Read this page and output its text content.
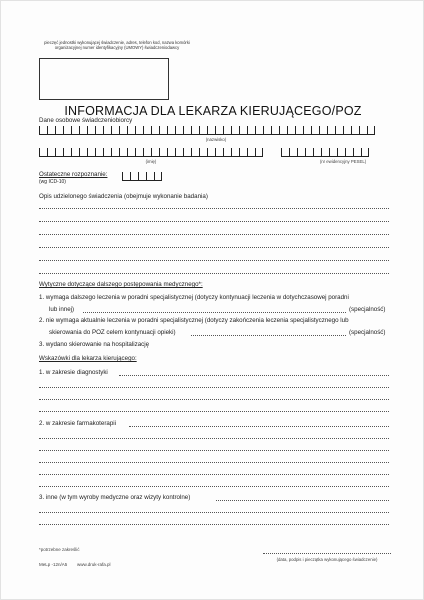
pieczęć jednostki wykonującej świadczenie, adres, telefon kod, nazwa komórki organizacyjnej numer identyfikacyjny (UMOWY) świadczeniodawcy
INFORMACJA DLA LEKARZA KIERUJĄCEGO/POZ
Dane osobowe świadczeniobiorcy
(nazwisko)
(imię)	(nr ewidencyjny PESEL)
Ostateczne rozpoznanie:
(wg ICD-10)
Opis udzielonego świadczenia (obejmuje wykonanie badania)
Wytyczne dotyczące dalszego postępowania medycznego*:
1. wymaga dalszego leczenia w poradni specjalistycznej (dotyczy kontynuacji leczenia w dotychczasowej poradni
lub innej)	(specjalność)
2. nie wymaga aktualnie leczenia w poradni specjalistycznej (dotyczy zakończenia leczenia specjalistycznego lub
skierowania do POZ celem kontynuacji opieki)	(specjalność)
3. wydano skierowanie na hospitalizację
Wskazówki dla lekarza kierującego:
1. w zakresie diagnostyki
2. w zakresie farmakoterapii
3. inne (w tym wyroby medyczne oraz wizyty kontrolne)
*potrzebne zakreślić
(data, podpis i pieczątka wykonującego świadczenie)
MeLp -12n/A5 www.druk-rafa.pl
